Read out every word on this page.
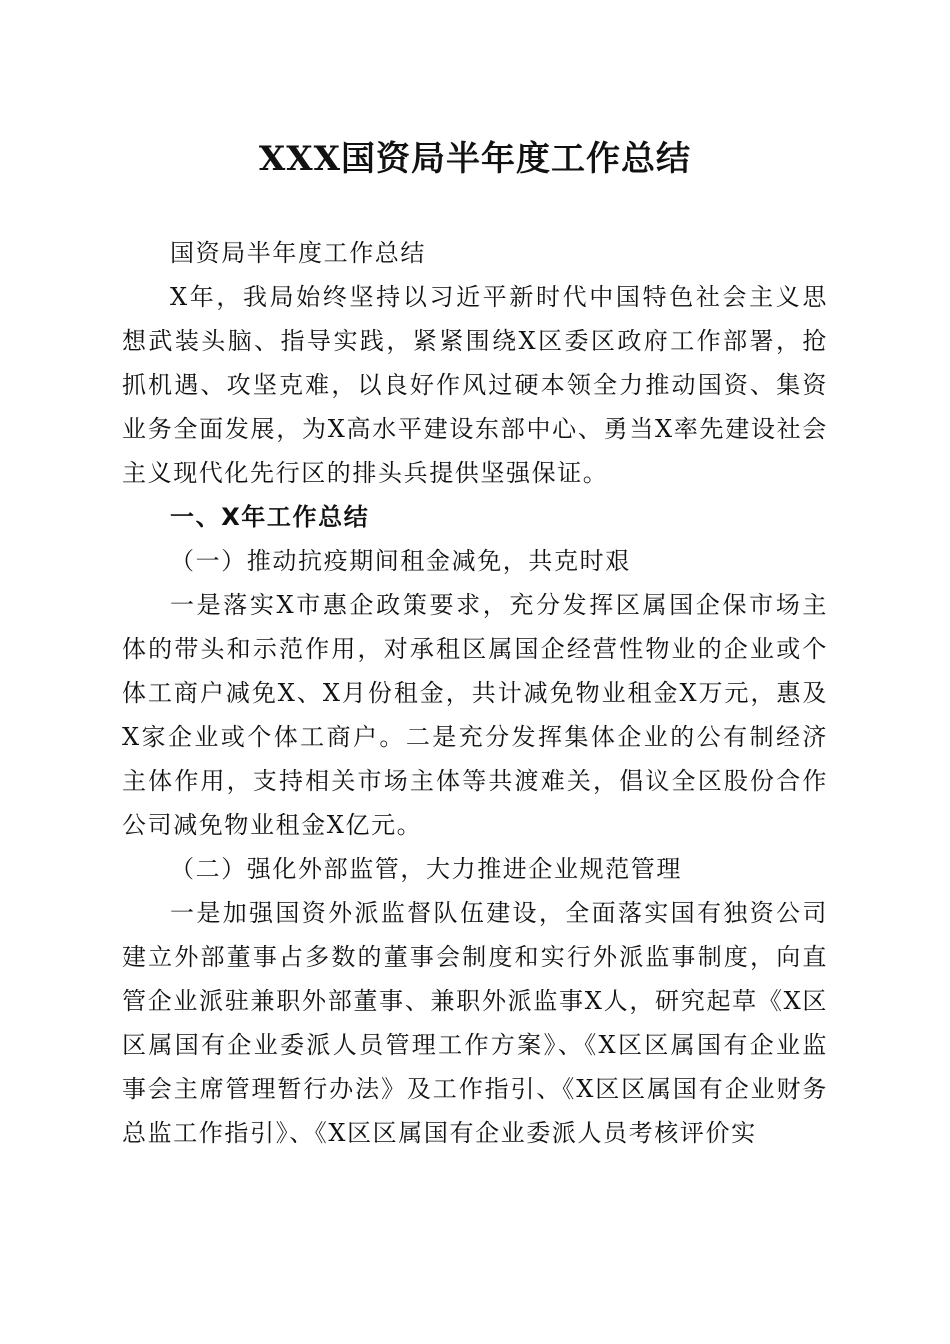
XXX国资局半年度工作总结

国资局半年度工作总结

X年，我局始终坚持以习近平新时代中国特色社会主义思想武装头脑、指导实践，紧紧围绕X区委区政府工作部署，抢抓机遇、攻坚克难，以良好作风过硬本领全力推动国资、集资业务全面发展，为X高水平建设东部中心、勇当X率先建设社会主义现代化先行区的排头兵提供坚强保证。

一、X年工作总结

（一）推动抗疫期间租金减免，共克时艰

一是落实X市惠企政策要求，充分发挥区属国企保市场主体的带头和示范作用，对承租区属国企经营性物业的企业或个体工商户减免X、X月份租金，共计减免物业租金X万元，惠及X家企业或个体工商户。二是充分发挥集体企业的公有制经济主体作用，支持相关市场主体等共渡难关，倡议全区股份合作公司减免物业租金X亿元。

（二）强化外部监管，大力推进企业规范管理

一是加强国资外派监督队伍建设，全面落实国有独资公司建立外部董事占多数的董事会制度和实行外派监事制度，向直管企业派驻兼职外部董事、兼职外派监事X人，研究起草《X区区属国有企业委派人员管理工作方案》、《X区区属国有企业监事会主席管理暂行办法》及工作指引、《X区区属国有企业财务总监工作指引》、《X区区属国有企业委派人员考核评价实
